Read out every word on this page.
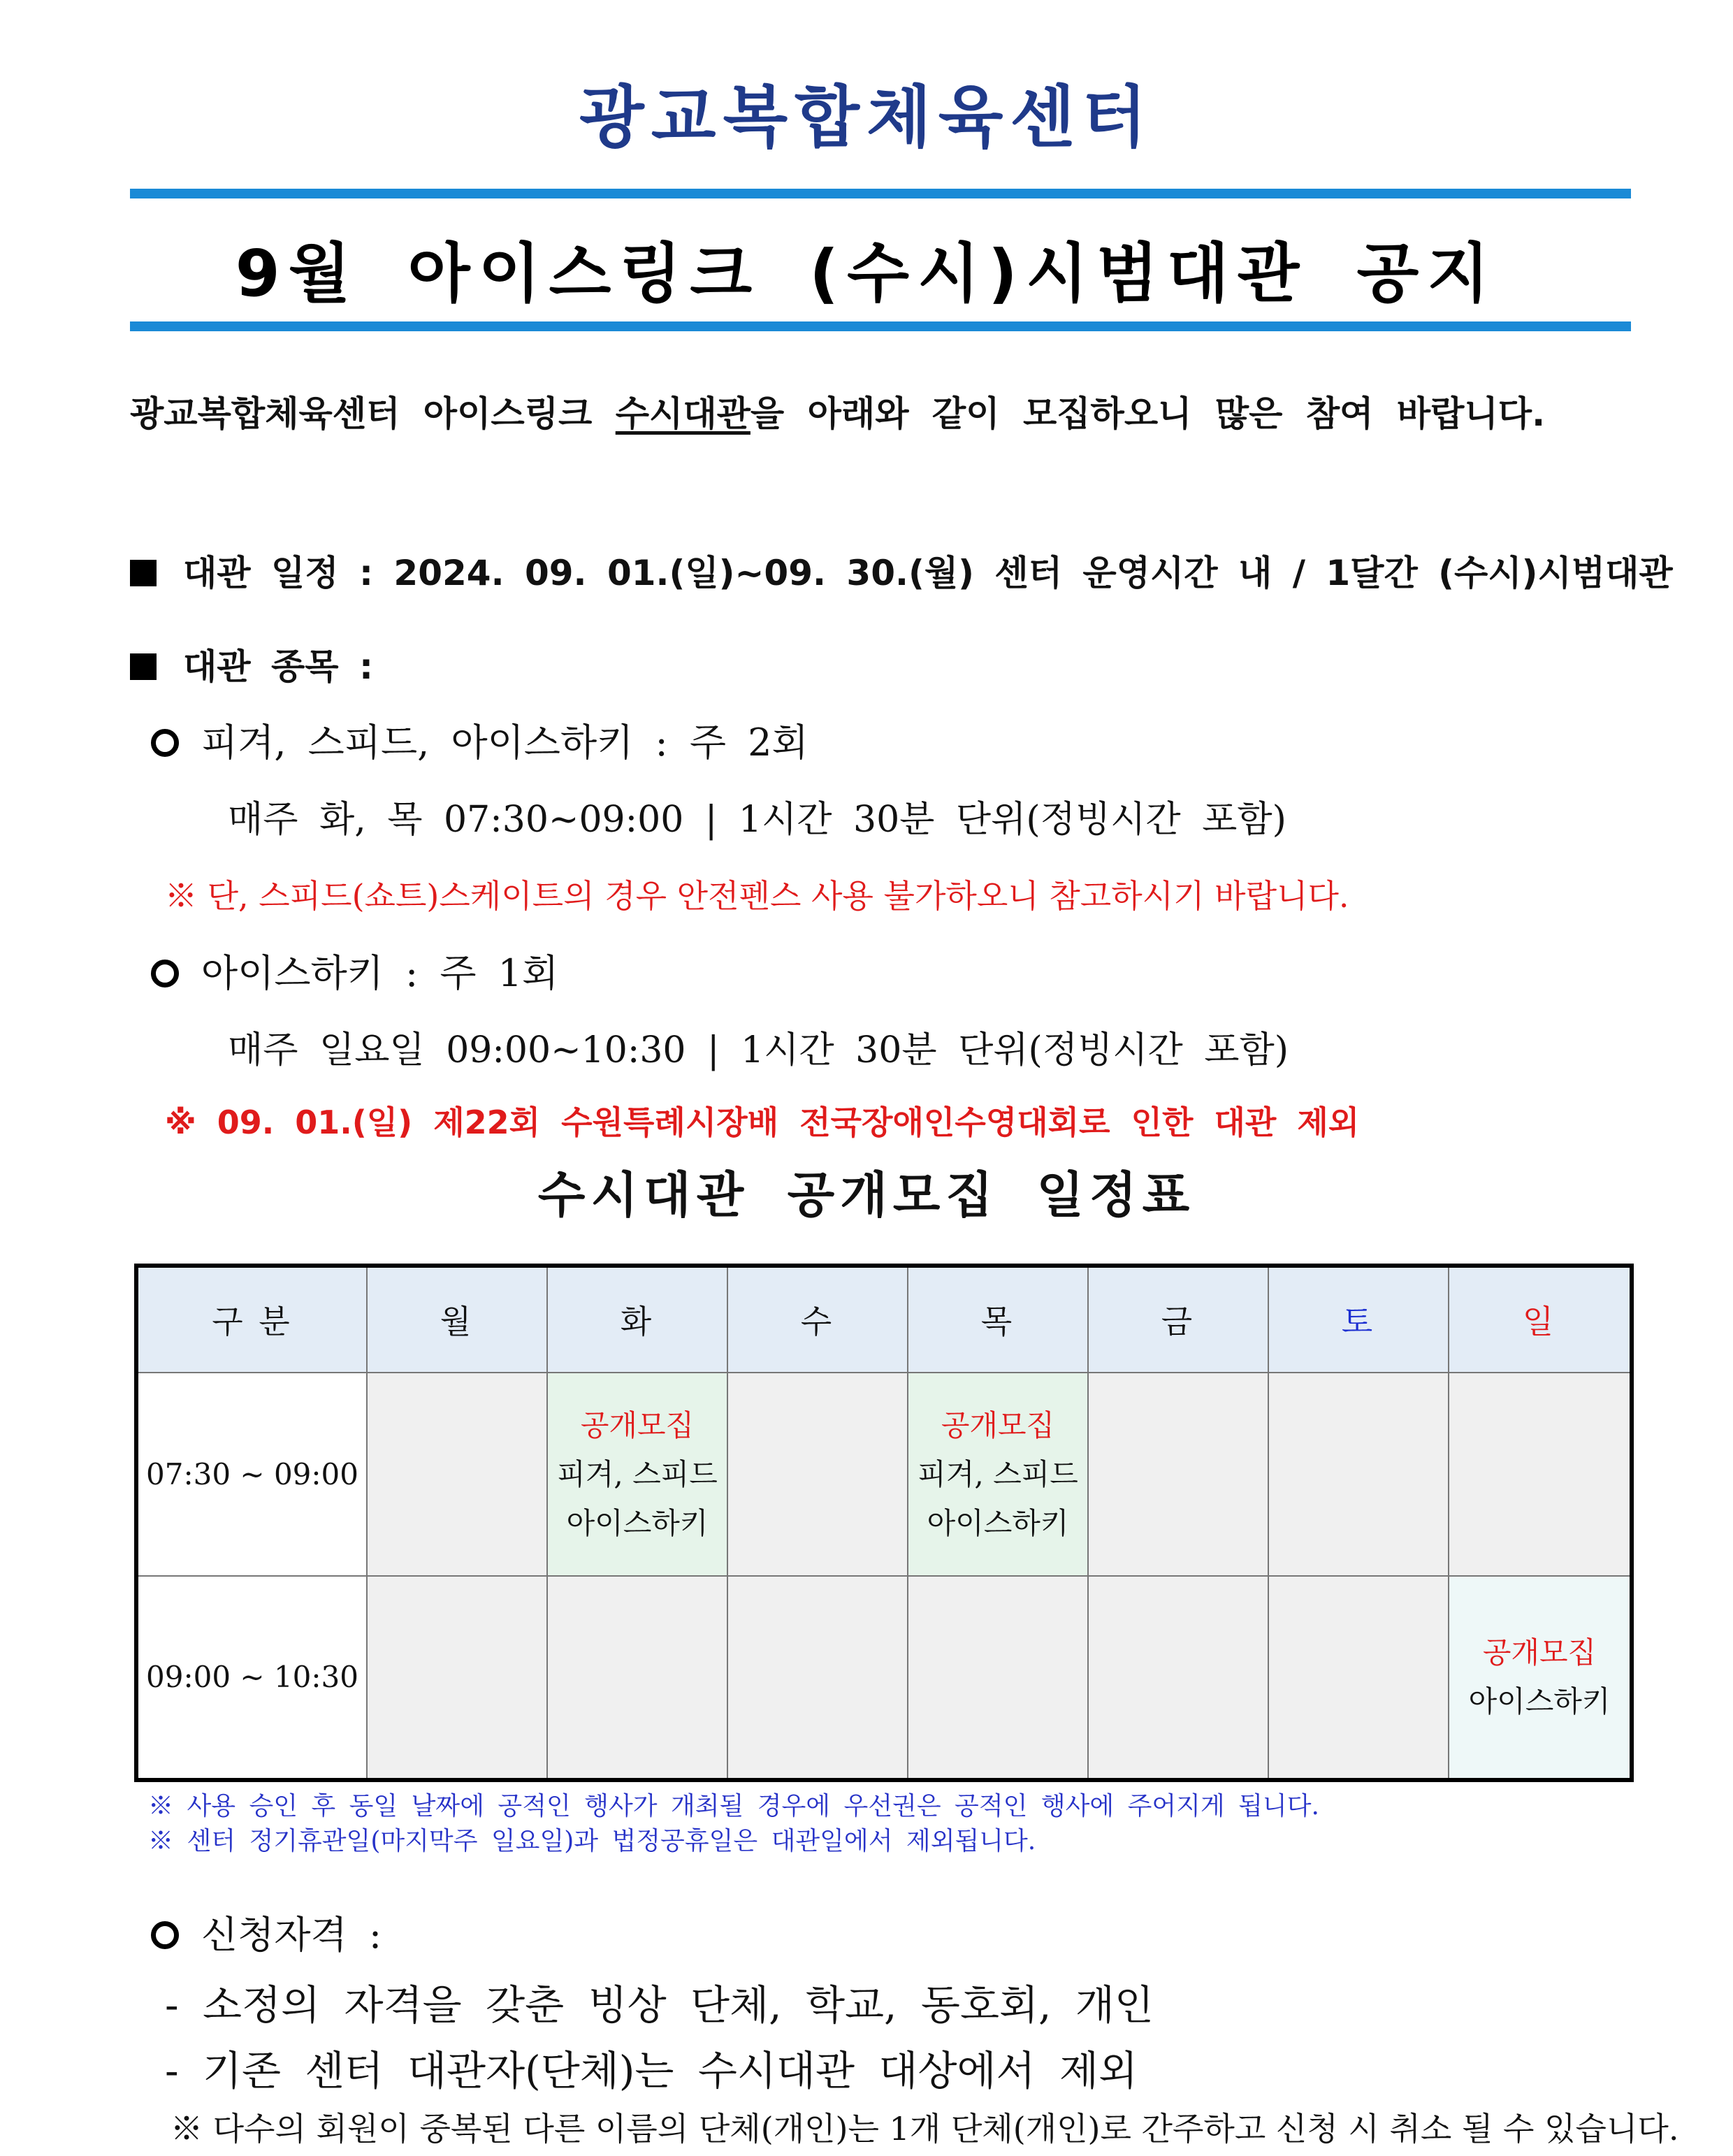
광교복합체육센터
9월 아이스링크 (수시)시범대관 공지
광교복합체육센터 아이스링크 수시대관을 아래와 같이 모집하오니 많은 참여 바랍니다.
대관 일정 : 2024. 09. 01.(일)~09. 30.(월) 센터 운영시간 내 / 1달간 (수시)시범대관
대관 종목 :
피겨, 스피드, 아이스하키 : 주 2회
매주 화, 목 07:30~09:00 | 1시간 30분 단위(정빙시간 포함)
※ 단, 스피드(쇼트)스케이트의 경우 안전펜스 사용 불가하오니 참고하시기 바랍니다.
아이스하키 : 주 1회
매주 일요일 09:00~10:30 | 1시간 30분 단위(정빙시간 포함)
※ 09. 01.(일) 제22회 수원특례시장배 전국장애인수영대회로 인한 대관 제외
수시대관 공개모집 일정표
구 분	월	화	수	목	금	토	일
07:30 ~ 09:00		공개모집
피겨, 스피드
아이스하키		공개모집
피겨, 스피드
아이스하키			

09:00 ~ 10:30							공개모집
아이스하키
※ 사용 승인 후 동일 날짜에 공적인 행사가 개최될 경우에 우선권은 공적인 행사에 주어지게 됩니다.
※ 센터 정기휴관일(마지막주 일요일)과 법정공휴일은 대관일에서 제외됩니다.
신청자격 :
- 소정의 자격을 갖춘 빙상 단체, 학교, 동호회, 개인
- 기존 센터 대관자(단체)는 수시대관 대상에서 제외
※ 다수의 회원이 중복된 다른 이름의 단체(개인)는 1개 단체(개인)로 간주하고 신청 시 취소 될 수 있습니다.
